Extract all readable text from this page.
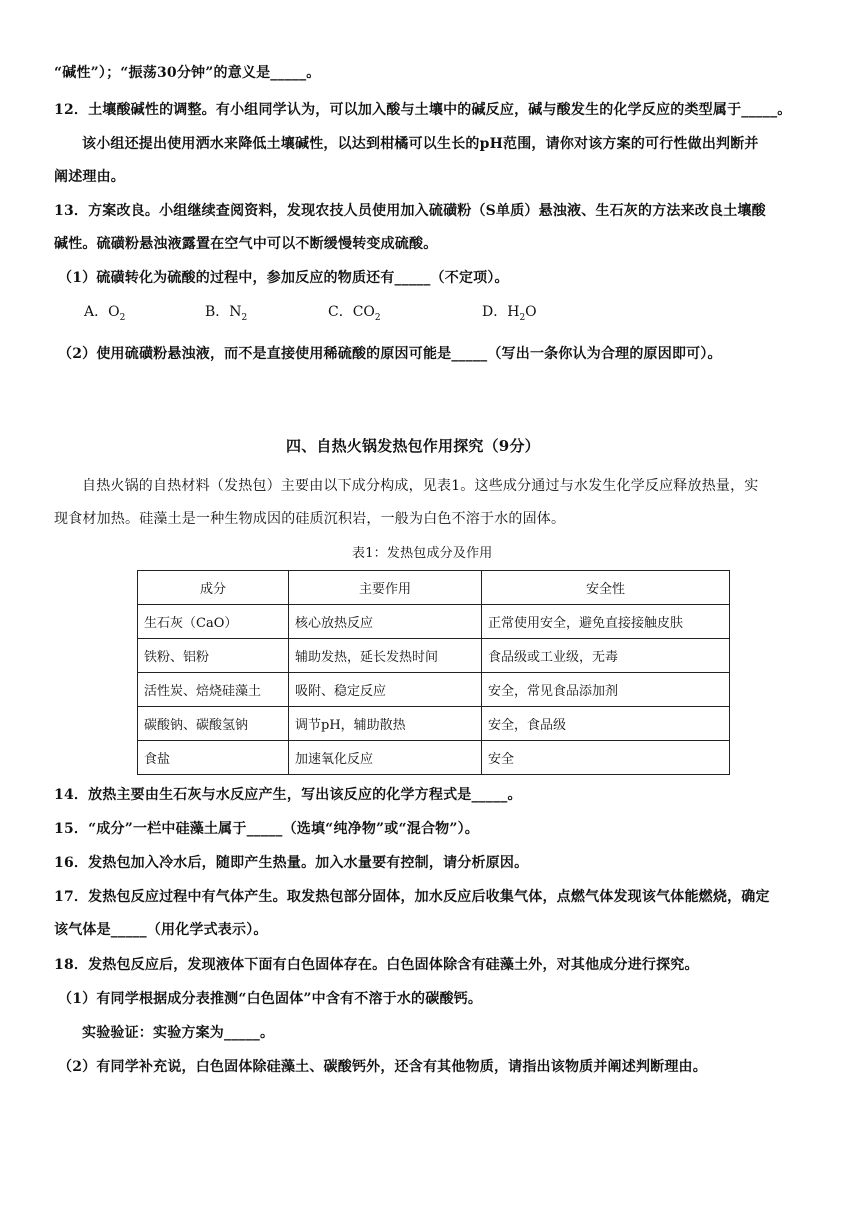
“碱性”）；“振荡30分钟”的意义是_____。
12．土壤酸碱性的调整。有小组同学认为，可以加入酸与土壤中的碱反应，碱与酸发生的化学反应的类型属于_____。
该小组还提出使用洒水来降低土壤碱性，以达到柑橘可以生长的pH范围，请你对该方案的可行性做出判断并
阐述理由。
13．方案改良。小组继续查阅资料，发现农技人员使用加入硫磺粉（S单质）悬浊液、生石灰的方法来改良土壤酸
碱性。硫磺粉悬浊液露置在空气中可以不断缓慢转变成硫酸。
（1）硫磺转化为硫酸的过程中，参加反应的物质还有_____（不定项）。
A．$O_2$	B．$N_2$	C．$CO_2$	D．$H_2O$
（2）使用硫磺粉悬浊液，而不是直接使用稀硫酸的原因可能是_____（写出一条你认为合理的原因即可）。
四、自热火锅发热包作用探究（9分）
自热火锅的自热材料（发热包）主要由以下成分构成，见表1。这些成分通过与水发生化学反应释放热量，实
现食材加热。硅藻土是一种生物成因的硅质沉积岩，一般为白色不溶于水的固体。
表1：发热包成分及作用
成分	主要作用	安全性
生石灰（CaO）	核心放热反应	正常使用安全，避免直接接触皮肤
铁粉、铝粉	辅助发热，延长发热时间	食品级或工业级，无毒
活性炭、焙烧硅藻土	吸附、稳定反应	安全，常见食品添加剂
碳酸钠、碳酸氢钠	调节pH，辅助散热	安全，食品级
食盐	加速氧化反应	安全
14．放热主要由生石灰与水反应产生，写出该反应的化学方程式是_____。
15．“成分”一栏中硅藻土属于_____（选填“纯净物”或“混合物”）。
16．发热包加入冷水后，随即产生热量。加入水量要有控制，请分析原因。
17．发热包反应过程中有气体产生。取发热包部分固体，加水反应后收集气体，点燃气体发现该气体能燃烧，确定
该气体是_____（用化学式表示）。
18．发热包反应后，发现液体下面有白色固体存在。白色固体除含有硅藻土外，对其他成分进行探究。
（1）有同学根据成分表推测“白色固体”中含有不溶于水的碳酸钙。
实验验证：实验方案为_____。
（2）有同学补充说，白色固体除硅藻土、碳酸钙外，还含有其他物质，请指出该物质并阐述判断理由。
